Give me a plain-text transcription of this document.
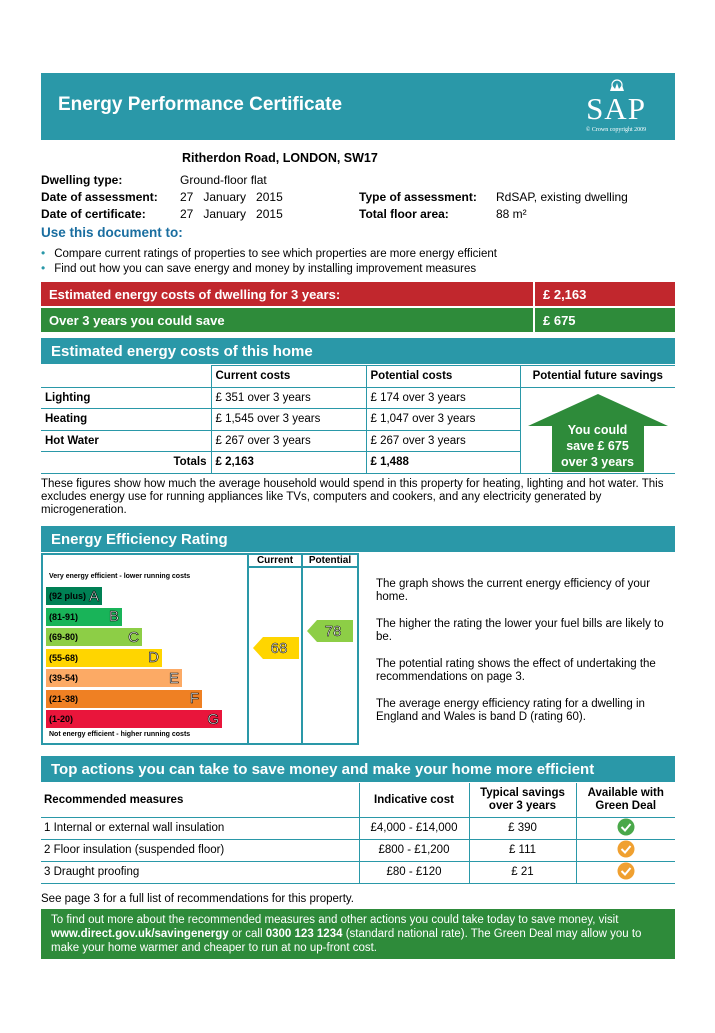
Energy Performance Certificate	SAP
© Crown copyright 2009
Ritherdon Road, LONDON, SW17
Dwelling type:	Ground-floor flat
Date of assessment: 27   January   2015
Date of certificate:	27   January   2015
Type of assessment: RdSAP, existing dwelling
Total floor area:	88 m²
Use this document to:
• Compare current ratings of properties to see which properties are more energy efficient
• Find out how you can save energy and money by installing improvement measures
Estimated energy costs of dwelling for 3 years:	£ 2,163
Over 3 years you could save	£ 675
Estimated energy costs of this home
	Current costs	Potential costs	Potential future savings
Lighting	£ 351 over 3 years	£ 174 over 3 years	You could
save £ 675
over 3 years

Heating	£ 1,545 over 3 years	£ 1,047 over 3 years	
Hot Water	£ 267 over 3 years	£ 267 over 3 years	
Totals	£ 2,163	£ 1,488	
These figures show how much the average household would spend in this property for heating, lighting and hot water. This excludes energy use for running appliances like TVs, computers and cookers, and any electricity generated by microgeneration.
Energy Efficiency Rating
Very energy efficient - lower running costs
Current	Potential
(92 plus) A
(81-91) B
(69-80)	C
(55-68)	D
(39-54)	E
(21-38)	F
(1-20)	G
Not energy efficient - higher running costs
68
78
The graph shows the current energy efficiency of your home.
The higher the rating the lower your fuel bills are likely to be.
The potential rating shows the effect of undertaking the recommendations on page 3.
The average energy efficiency rating for a dwelling in England and Wales is band D (rating 60).
Top actions you can take to save money and make your home more efficient
Recommended measures	Indicative cost	Typical savings over 3 years	Available with Green Deal
1 Internal or external wall insulation	£4,000 - £14,000	£ 390	
2 Floor insulation (suspended floor)	£800 - £1,200	£ 111	
3 Draught proofing	£80 - £120	£ 21	
See page 3 for a full list of recommendations for this property.
To find out more about the recommended measures and other actions you could take today to save money, visit www.direct.gov.uk/savingenergy or call 0300 123 1234 (standard national rate). The Green Deal may allow you to make your home warmer and cheaper to run at no up-front cost.
